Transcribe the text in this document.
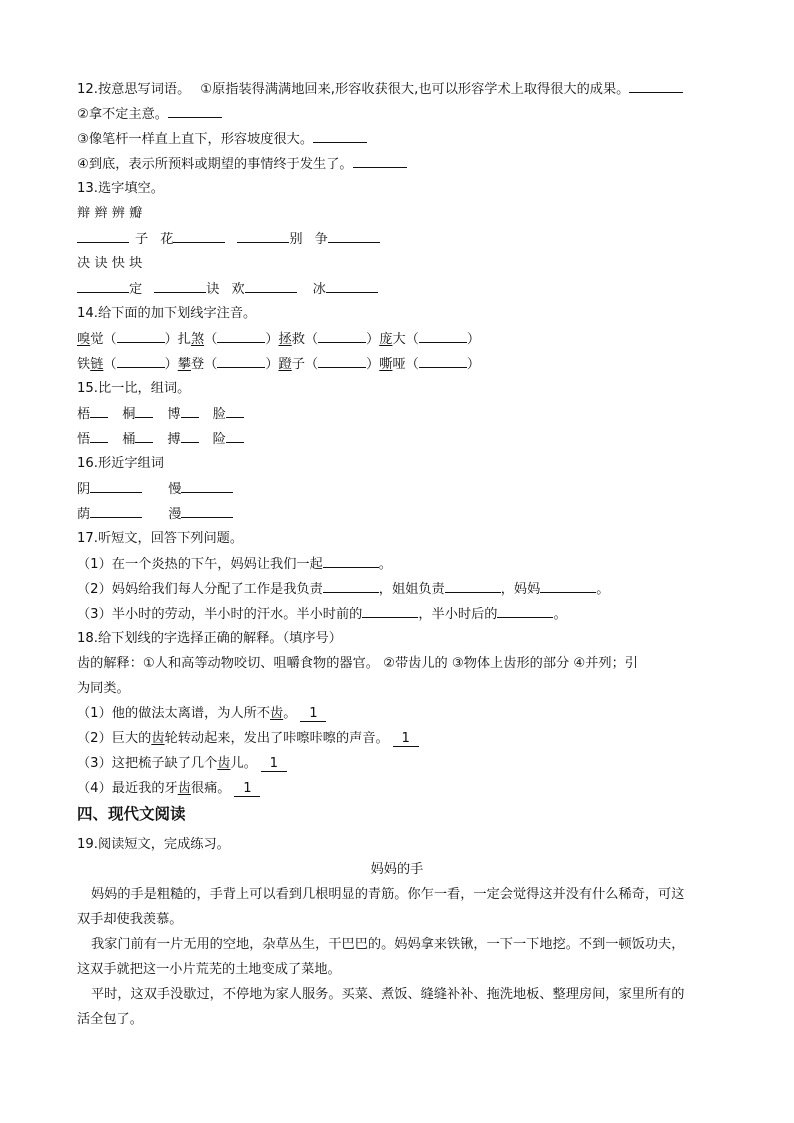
12.按意思写词语。 ①原指装得满满地回来,形容收获很大,也可以形容学术上取得很大的成果。
②拿不定主意。
③像笔杆一样直上直下，形容坡度很大。
④到底，表示所预料或期望的事情终于发生了。
13.选字填空。
辩 辫 辨 瓣
子 花	别 争
决 诀 快 块
定	诀 欢	冰
14.给下面的加下划线字注音。
嗅觉（	）扎煞（	）拯救（	）庞大（	）
铁链（	）攀登（	）蹬子（	）嘶哑（	）
15.比一比，组词。
梧 桐 博 脸
悟 桶 搏 险
16.形近字组词
阴	慢
荫	漫
17.听短文，回答下列问题。
（1）在一个炎热的下午，妈妈让我们一起	。
（2）妈妈给我们每人分配了工作是我负责	，姐姐负责	，妈妈	。
（3）半小时的劳动，半小时的汗水。半小时前的	，半小时后的	。
18.给下划线的字选择正确的解释。（填序号）
齿的解释：①人和高等动物咬切、咀嚼食物的器官。 ②带齿儿的 ③物体上齿形的部分 ④并列；引
为同类。
（1）他的做法太离谱，为人所不齿。 1
（2）巨大的齿轮转动起来，发出了咔嚓咔嚓的声音。 1
（3）这把梳子缺了几个齿儿。 1
（4）最近我的牙齿很痛。 1
四、现代文阅读
19.阅读短文，完成练习。
妈妈的手
妈妈的手是粗糙的，手背上可以看到几根明显的青筋。你乍一看，一定会觉得这并没有什么稀奇，可这
双手却使我羡慕。
我家门前有一片无用的空地，杂草丛生，干巴巴的。妈妈拿来铁锹，一下一下地挖。不到一顿饭功夫，
这双手就把这一小片荒芜的土地变成了菜地。
平时，这双手没歇过，不停地为家人服务。买菜、煮饭、缝缝补补、拖洗地板、整理房间，家里所有的
活全包了。
